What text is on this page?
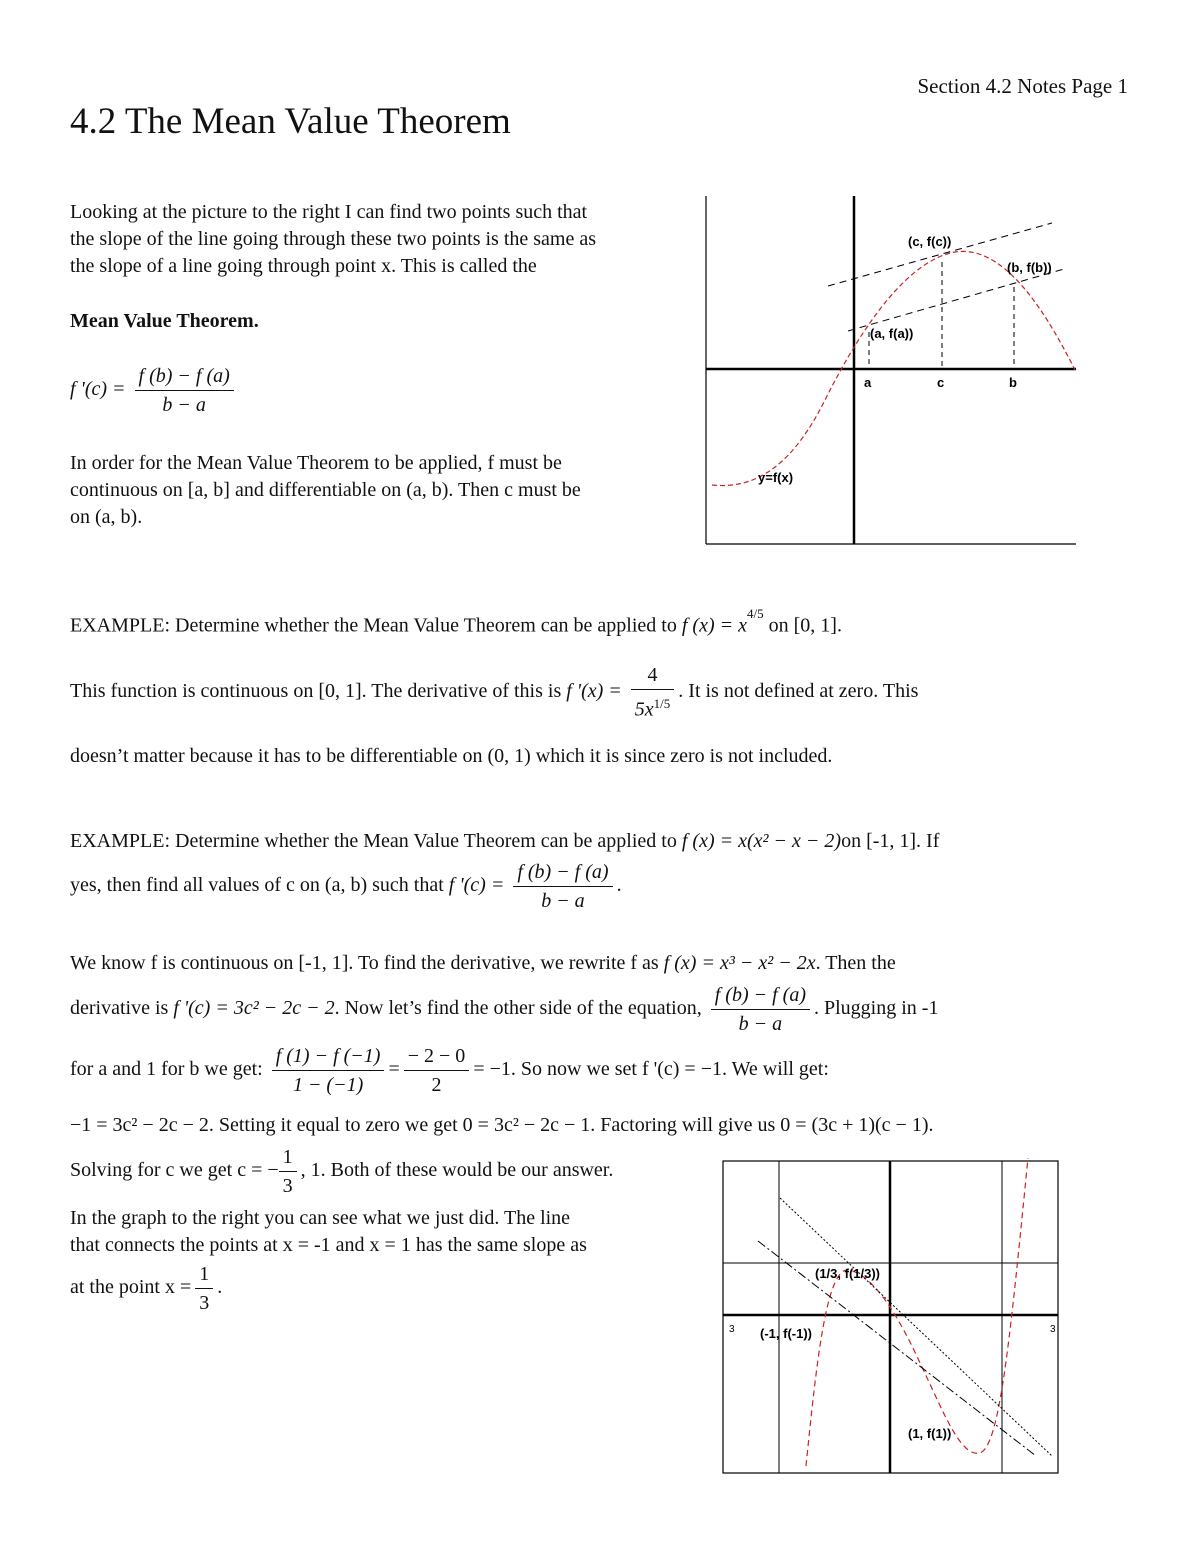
Section 4.2 Notes Page 1
4.2 The Mean Value Theorem
Looking at the picture to the right I can find two points such that
the slope of the line going through these two points is the same as
the slope of a line going through point x. This is called the
Mean Value Theorem.
f '$(c) = \frac{f (b) - f (a)}{b - a}$
In order for the Mean Value Theorem to be applied, f must be
continuous on [a, b] and differentiable on (a, b). Then c must be
on (a, b).
(c, f(c))
(b, f(b))
(a, f(a))
y=f(x)
a	c	b
EXAMPLE: Determine whether the Mean Value Theorem can be applied to f $(x) = x^{4/5}$ on [0, 1].
This function is continuous on [0, 1]. The derivative of this is f '$(x) = \frac{4}{5x^{1/5}}$ . It is not defined at zero. This
doesn’t matter because it has to be differentiable on (0, 1) which it is since zero is not included.
EXAMPLE: Determine whether the Mean Value Theorem can be applied to f (x) = x(x² − x − 2)on [-1, 1]. If
yes, then find all values of c on (a, b) such that f '$(c) = \frac{f (b) - f (a)}{b - a}$ .
We know f is continuous on [-1, 1]. To find the derivative, we rewrite f as f (x) = x³ − x² − 2x. Then the
derivative is f '(c) = 3c² − 2c − 2. Now let’s find the other side of the equation, $\frac{f (b) - f (a)}{b - a}$ . Plugging in -1
for a and 1 for b we get: $\frac{f (1) - f (-1)}{1 - (-1)} = \frac{- 2 - 0}{2} = -1$. So now we set f '(c) = −1. We will get:
−1 = 3c² − 2c − 2. Setting it equal to zero we get 0 = 3c² − 2c − 1. Factoring will give us 0 = (3c + 1)(c − 1).
Solving for c we get c = − $\frac{1}{3}$ , 1. Both of these would be our answer.
In the graph to the right you can see what we just did. The line
that connects the points at x = -1 and x = 1 has the same slope as
at the point $x = \frac{1}{3}$ .
(1/3, f(1/3))
(-1, f(-1))
(1, f(1))
3	3
